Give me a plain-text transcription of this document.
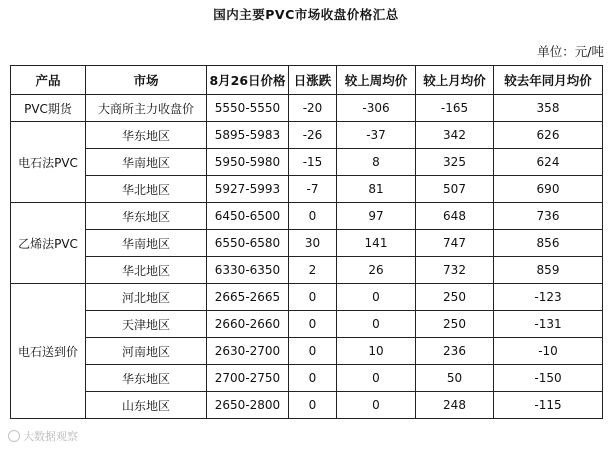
国内主要PVC市场收盘价格汇总
单位：元/吨
产品	市场	8月26日价格	日涨跌	较上周均价	较上月均价	较去年同月均价
PVC期货	大商所主力收盘价	5550-5550	-20	-306	-165	358
电石法PVC	华东地区	5895-5983	-26	-37	342	626
	华南地区	5950-5980	-15	8	325	624
	华北地区	5927-5993	-7	81	507	690
乙烯法PVC	华东地区	6450-6500	0	97	648	736
	华南地区	6550-6580	30	141	747	856
	华北地区	6330-6350	2	26	732	859
电石送到价	河北地区	2665-2665	0	0	250	-123
	天津地区	2660-2660	0	0	250	-131
	河南地区	2630-2700	0	10	236	-10
	华东地区	2700-2750	0	0	50	-150
	山东地区	2650-2800	0	0	248	-115
大数据观察
